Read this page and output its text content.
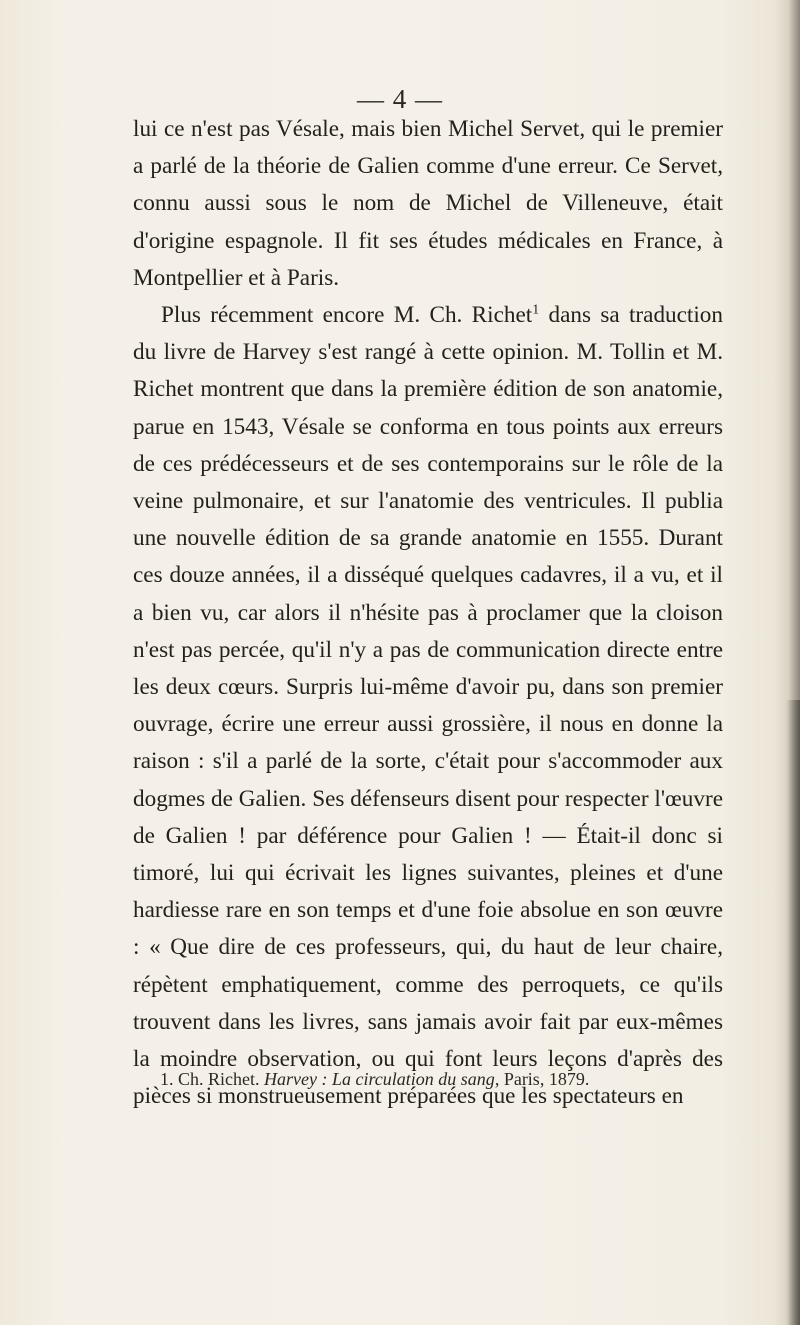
— 4 —

lui ce n'est pas Vésale, mais bien Michel Servet, qui le premier a parlé de la théorie de Galien comme d'une erreur. Ce Servet, connu aussi sous le nom de Michel de Villeneuve, était d'origine espagnole. Il fit ses études médicales en France, à Montpellier et à Paris.

Plus récemment encore M. Ch. Richet$^1$ dans sa traduction du livre de Harvey s'est rangé à cette opinion. M. Tollin et M. Richet montrent que dans la première édition de son anatomie, parue en 1543, Vésale se conforma en tous points aux erreurs de ces prédécesseurs et de ses contemporains sur le rôle de la veine pulmonaire, et sur l'anatomie des ventricules. Il publia une nouvelle édition de sa grande anatomie en 1555. Durant ces douze années, il a disséqué quelques cadavres, il a vu, et il a bien vu, car alors il n'hésite pas à proclamer que la cloison n'est pas percée, qu'il n'y a pas de communication directe entre les deux cœurs. Surpris lui-même d'avoir pu, dans son premier ouvrage, écrire une erreur aussi grossière, il nous en donne la raison : s'il a parlé de la sorte, c'était pour s'accommoder aux dogmes de Galien. Ses défenseurs disent pour respecter l'œuvre de Galien ! par déférence pour Galien ! — Était-il donc si timoré, lui qui écrivait les lignes suivantes, pleines et d'une hardiesse rare en son temps et d'une foie absolue en son œuvre : « Que dire de ces professeurs, qui, du haut de leur chaire, répètent emphatiquement, comme des perroquets, ce qu'ils trouvent dans les livres, sans jamais avoir fait par eux-mêmes la moindre observation, ou qui font leurs leçons d'après des pièces si monstrueusement préparées que les spectateurs en

1. Ch. Richet. Harvey : La circulation du sang, Paris, 1879.
